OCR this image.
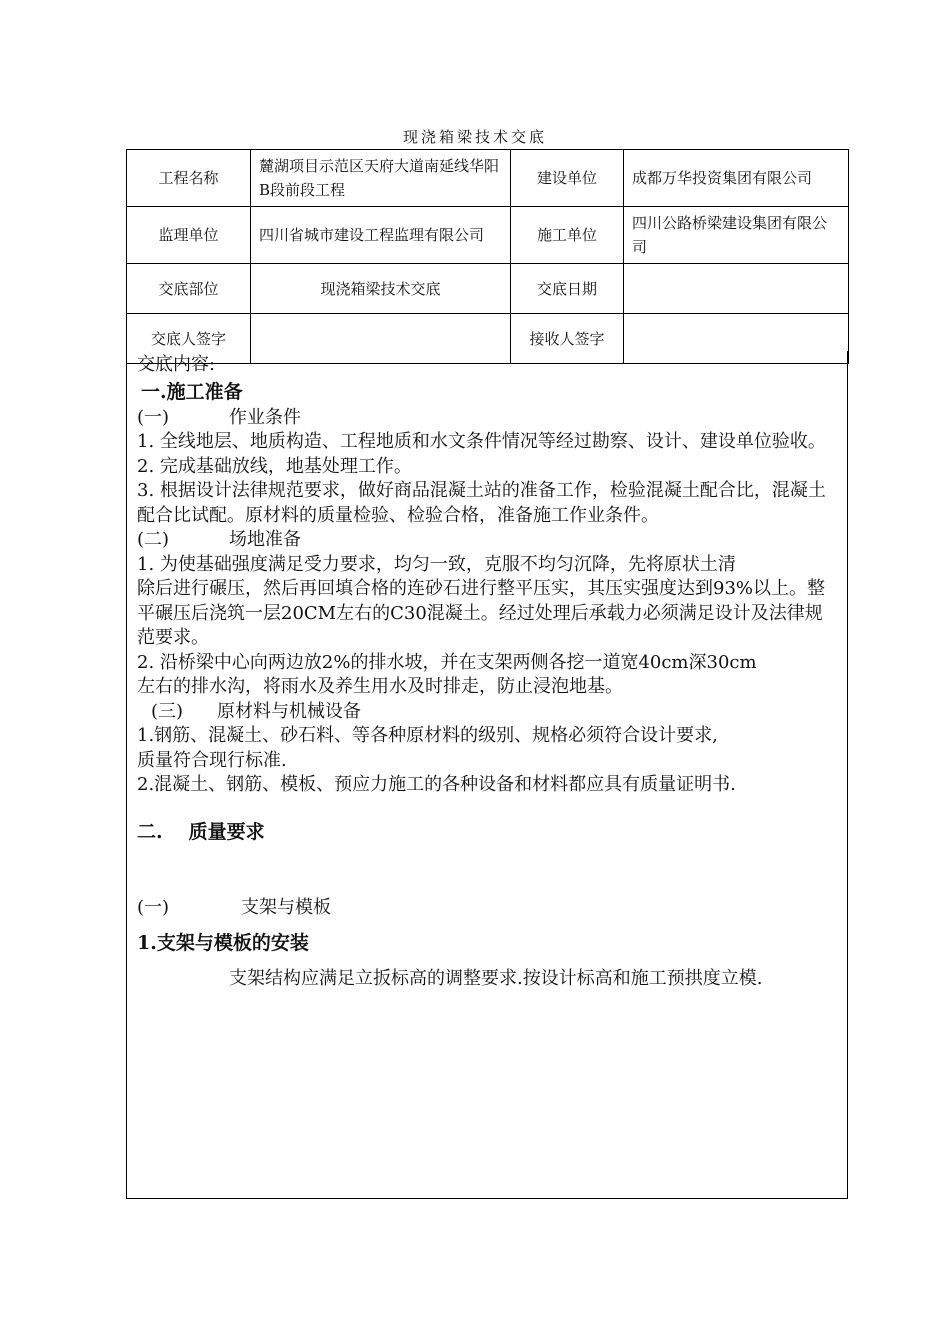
现浇箱梁技术交底
工程名称	麓湖项目示范区天府大道南延线华阳B段前段工程	建设单位	成都万华投资集团有限公司
监理单位	四川省城市建设工程监理有限公司	施工单位	四川公路桥梁建设集团有限公司
交底部位	现浇箱梁技术交底	交底日期	
交底人签字		接收人签字	

交底内容:

一.施工准备

(一)	作业条件

1. 全线地层、地质构造、工程地质和水文条件情况等经过勘察、设计、建设单位验收。

2. 完成基础放线，地基处理工作。

3. 根据设计法律规范要求，做好商品混凝土站的准备工作，检验混凝土配合比，混凝土配合比试配。原材料的质量检验、检验合格，准备施工作业条件。

(二)	场地准备

1. 为使基础强度满足受力要求，均匀一致，克服不均匀沉降，先将原状土清

除后进行碾压，然后再回填合格的连砂石进行整平压实，其压实强度达到93%以上。整平碾压后浇筑一层20CM左右的C30混凝土。经过处理后承载力必须满足设计及法律规范要求。

2. 沿桥梁中心向两边放2%的排水坡，并在支架两侧各挖一道宽40cm深30cm

左右的排水沟，将雨水及养生用水及时排走，防止浸泡地基。

(三) 原材料与机械设备

1.钢筋、混凝土、砂石料、等各种原材料的级别、规格必须符合设计要求,

质量符合现行标准.

2.混凝土、钢筋、模板、预应力施工的各种设备和材料都应具有质量证明书.

二. 质量要求

(一)	支架与模板

1.支架与模板的安装

支架结构应满足立扳标高的调整要求.按设计标高和施工预拱度立模.
